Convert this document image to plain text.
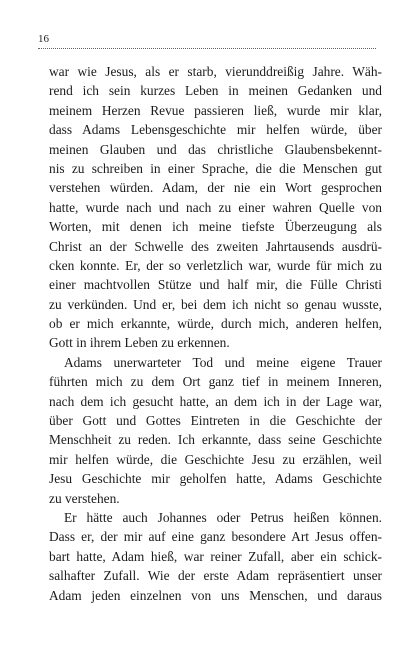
16
war wie Jesus, als er starb, vierunddreißig Jahre. Wäh-
rend ich sein kurzes Leben in meinen Gedanken und
meinem Herzen Revue passieren ließ, wurde mir klar,
dass Adams Lebensgeschichte mir helfen würde, über
meinen Glauben und das christliche Glaubensbekennt-
nis zu schreiben in einer Sprache, die die Menschen gut
verstehen würden. Adam, der nie ein Wort gesprochen
hatte, wurde nach und nach zu einer wahren Quelle von
Worten, mit denen ich meine tiefste Überzeugung als
Christ an der Schwelle des zweiten Jahrtausends ausdrü-
cken konnte. Er, der so verletzlich war, wurde für mich zu
einer machtvollen Stütze und half mir, die Fülle Christi
zu verkünden. Und er, bei dem ich nicht so genau wusste,
ob er mich erkannte, würde, durch mich, anderen helfen,
Gott in ihrem Leben zu erkennen.
Adams unerwarteter Tod und meine eigene Trauer
führten mich zu dem Ort ganz tief in meinem Inneren,
nach dem ich gesucht hatte, an dem ich in der Lage war,
über Gott und Gottes Eintreten in die Geschichte der
Menschheit zu reden. Ich erkannte, dass seine Geschichte
mir helfen würde, die Geschichte Jesu zu erzählen, weil
Jesu Geschichte mir geholfen hatte, Adams Geschichte
zu verstehen.
Er hätte auch Johannes oder Petrus heißen können.
Dass er, der mir auf eine ganz besondere Art Jesus offen-
bart hatte, Adam hieß, war reiner Zufall, aber ein schick-
salhafter Zufall. Wie der erste Adam repräsentiert unser
Adam jeden einzelnen von uns Menschen, und daraus
